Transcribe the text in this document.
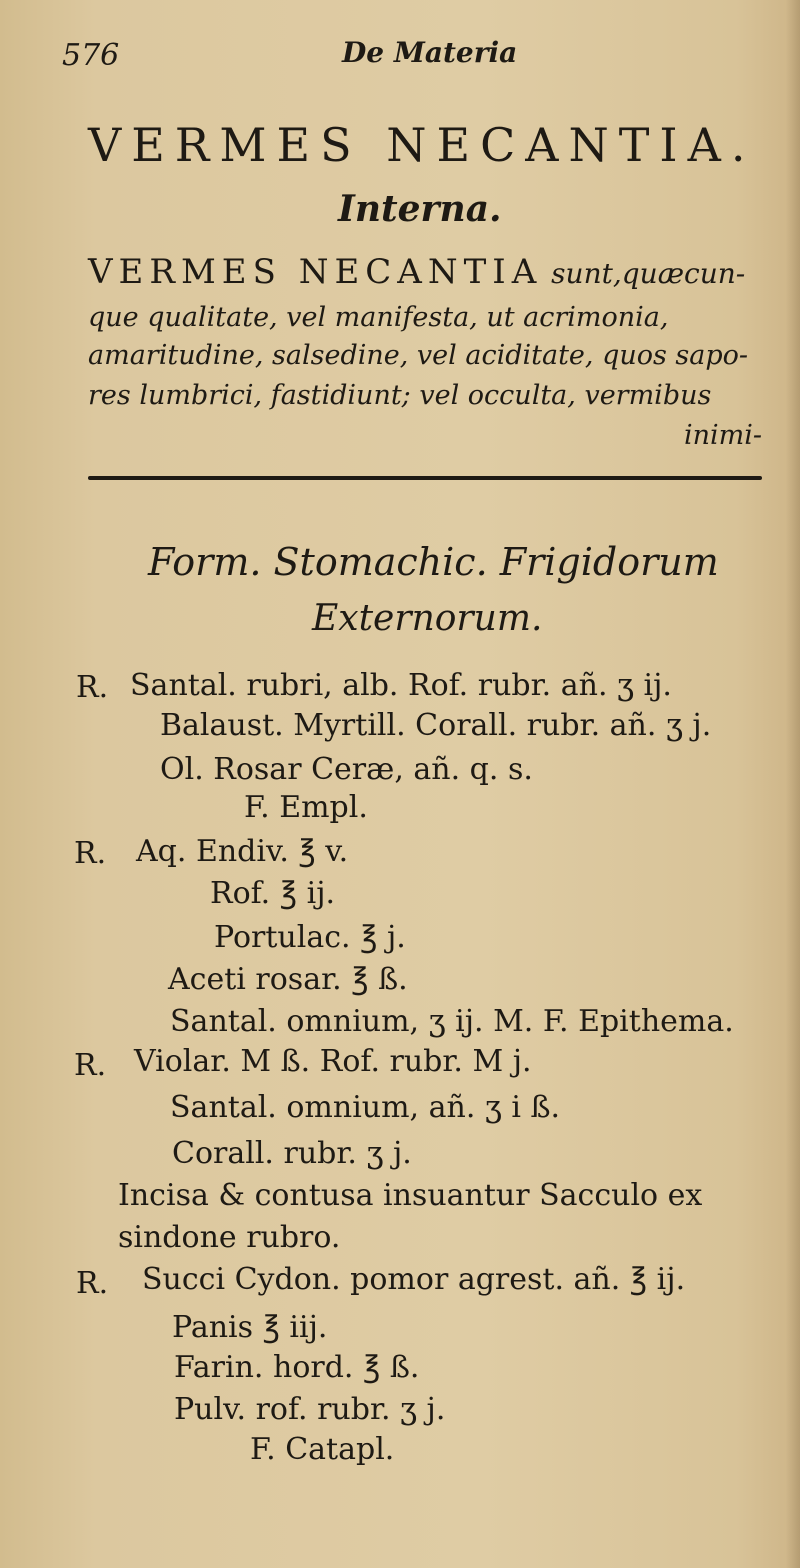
576	De Materia
VERMES NECANTIA.
Interna.
VERMES NECANTIA sunt,quæcun-
que qualitate, vel manifesta, ut acrimonia,
amaritudine, salsedine, vel aciditate, quos sapo-
res lumbrici, fastidiunt; vel occulta, vermibus
inimi-
Form. Stomachic. Frigidorum
Externorum.
R. Santal. rubri, alb. Rof. rubr. añ. ʒ ij.
Balaust. Myrtill. Corall. rubr. añ. ʒ j.
Ol. Rosar Ceræ, añ. q. s.
F. Empl.
R. Aq. Endiv. ℥ v.
Rof. ℥ ij.
Portulac. ℥ j.
Aceti rosar. ℥ ß.
Santal. omnium, ʒ ij. M. F. Epithema.
R. Violar. M ß. Rof. rubr. M j.
Santal. omnium, añ. ʒ i ß.
Corall. rubr. ʒ j.
Incisa & contusa insuantur Sacculo ex
sindone rubro.
R. Succi Cydon. pomor agrest. añ. ℥ ij.
Panis ℥ iij.
Farin. hord. ℥ ß.
Pulv. rof. rubr. ʒ j.
F. Catapl.
